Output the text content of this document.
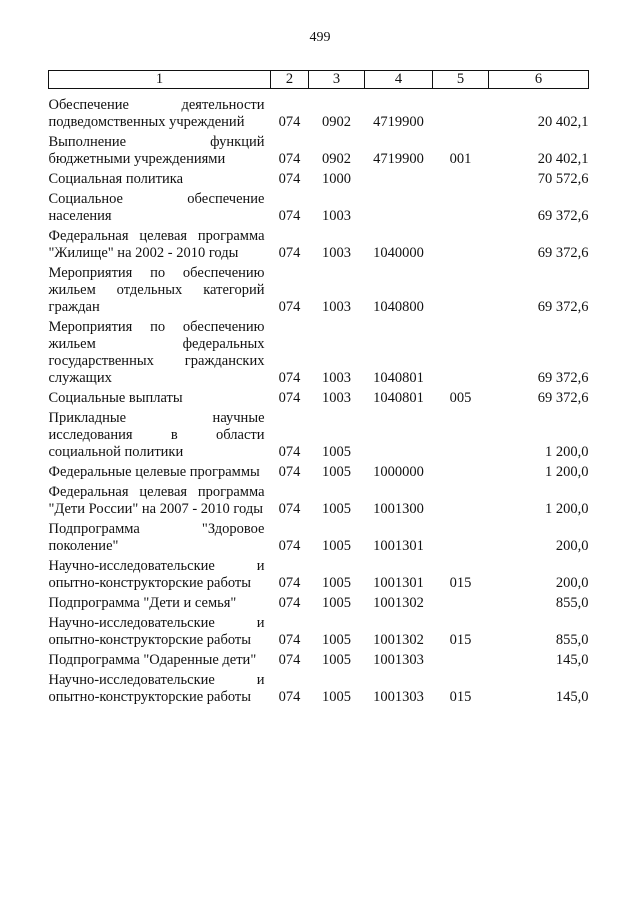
499
1	2	3	4	5	6
Обеспечение деятельности подведомственных учреждений	074	0902	4719900		20 402,1
Выполнение функций бюджетными учреждениями	074	0902	4719900	001	20 402,1
Социальная политика	074	1000			70 572,6
Социальное обеспечение населения	074	1003			69 372,6
Федеральная целевая программа "Жилище" на 2002 - 2010 годы	074	1003	1040000		69 372,6
Мероприятия по обеспечению жильем отдельных категорий граждан	074	1003	1040800		69 372,6
Мероприятия по обеспечению жильем федеральных государственных гражданских служащих	074	1003	1040801		69 372,6
Социальные выплаты	074	1003	1040801	005	69 372,6
Прикладные научные исследования в области социальной политики	074	1005			1 200,0
Федеральные целевые программы	074	1005	1000000		1 200,0
Федеральная целевая программа "Дети России" на 2007 - 2010 годы	074	1005	1001300		1 200,0
Подпрограмма "Здоровое поколение"	074	1005	1001301		200,0
Научно-исследовательские и опытно-конструкторские работы	074	1005	1001301	015	200,0
Подпрограмма "Дети и семья"	074	1005	1001302		855,0
Научно-исследовательские и опытно-конструкторские работы	074	1005	1001302	015	855,0
Подпрограмма "Одаренные дети"	074	1005	1001303		145,0
Научно-исследовательские и опытно-конструкторские работы	074	1005	1001303	015	145,0
